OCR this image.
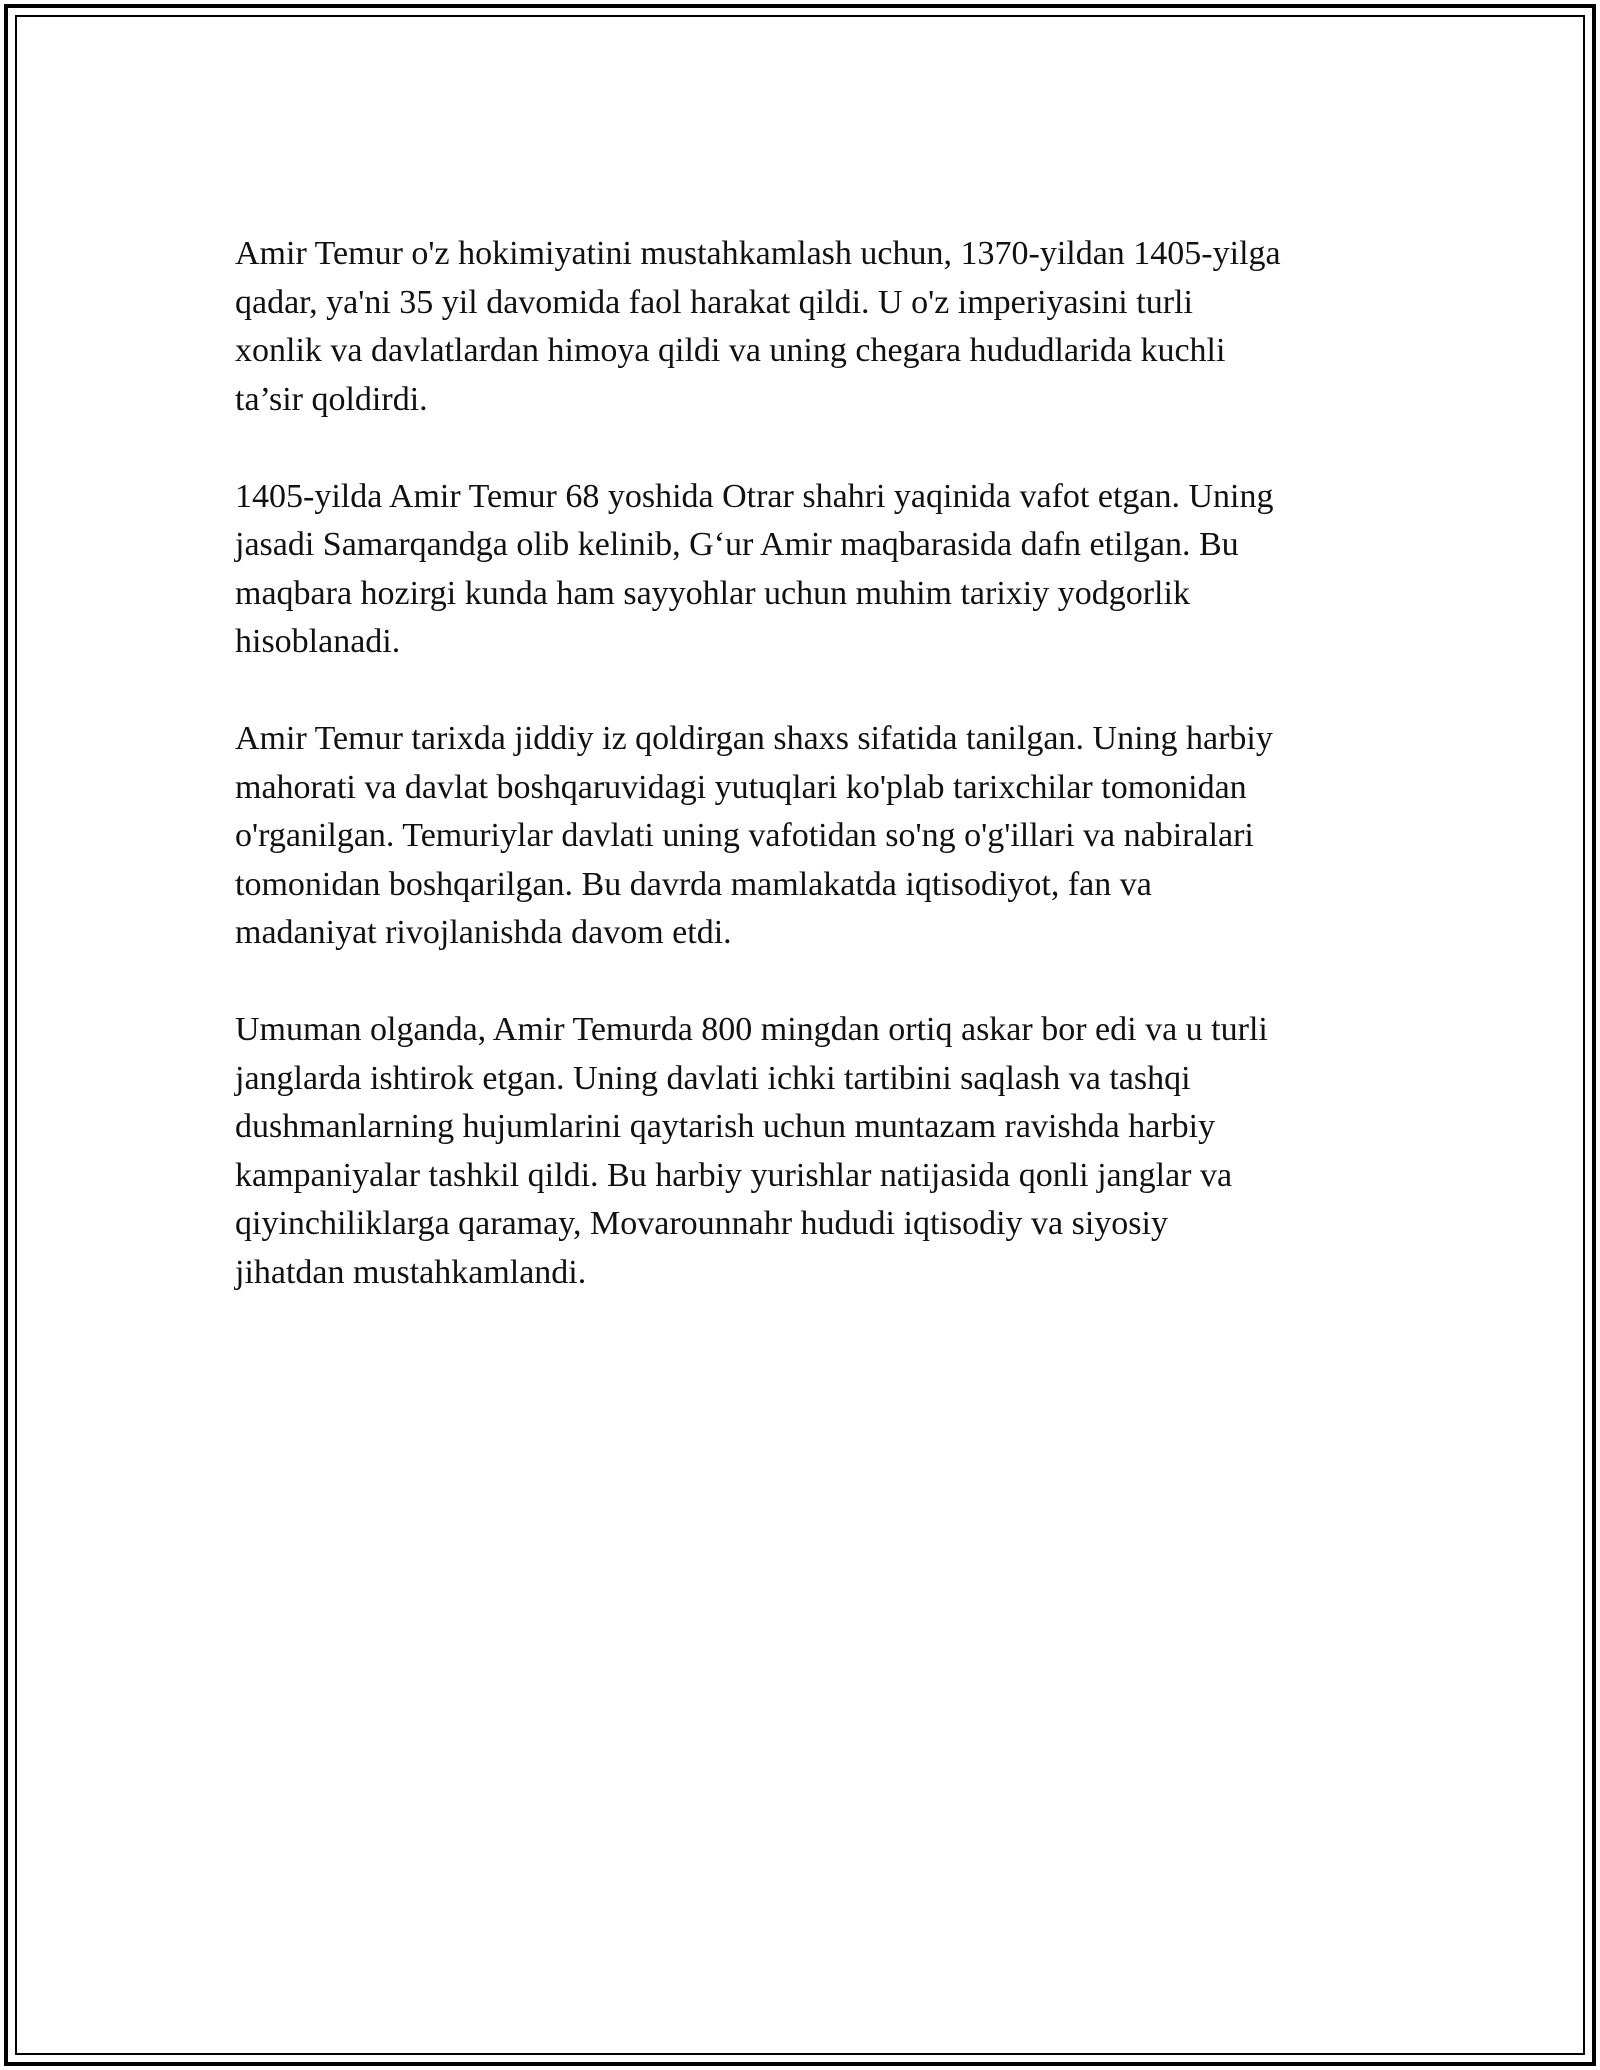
Amir Temur o'z hokimiyatini mustahkamlash uchun, 1370-yildan 1405-yilga
qadar, ya'ni 35 yil davomida faol harakat qildi. U o'z imperiyasini turli
xonlik va davlatlardan himoya qildi va uning chegara hududlarida kuchli
ta’sir qoldirdi.

1405-yilda Amir Temur 68 yoshida Otrar shahri yaqinida vafot etgan. Uning
jasadi Samarqandga olib kelinib, G‘ur Amir maqbarasida dafn etilgan. Bu
maqbara hozirgi kunda ham sayyohlar uchun muhim tarixiy yodgorlik
hisoblanadi.

Amir Temur tarixda jiddiy iz qoldirgan shaxs sifatida tanilgan. Uning harbiy
mahorati va davlat boshqaruvidagi yutuqlari ko'plab tarixchilar tomonidan
o'rganilgan. Temuriylar davlati uning vafotidan so'ng o'g'illari va nabiralari
tomonidan boshqarilgan. Bu davrda mamlakatda iqtisodiyot, fan va
madaniyat rivojlanishda davom etdi.

Umuman olganda, Amir Temurda 800 mingdan ortiq askar bor edi va u turli
janglarda ishtirok etgan. Uning davlati ichki tartibini saqlash va tashqi
dushmanlarning hujumlarini qaytarish uchun muntazam ravishda harbiy
kampaniyalar tashkil qildi. Bu harbiy yurishlar natijasida qonli janglar va
qiyinchiliklarga qaramay, Movarounnahr hududi iqtisodiy va siyosiy
jihatdan mustahkamlandi.
